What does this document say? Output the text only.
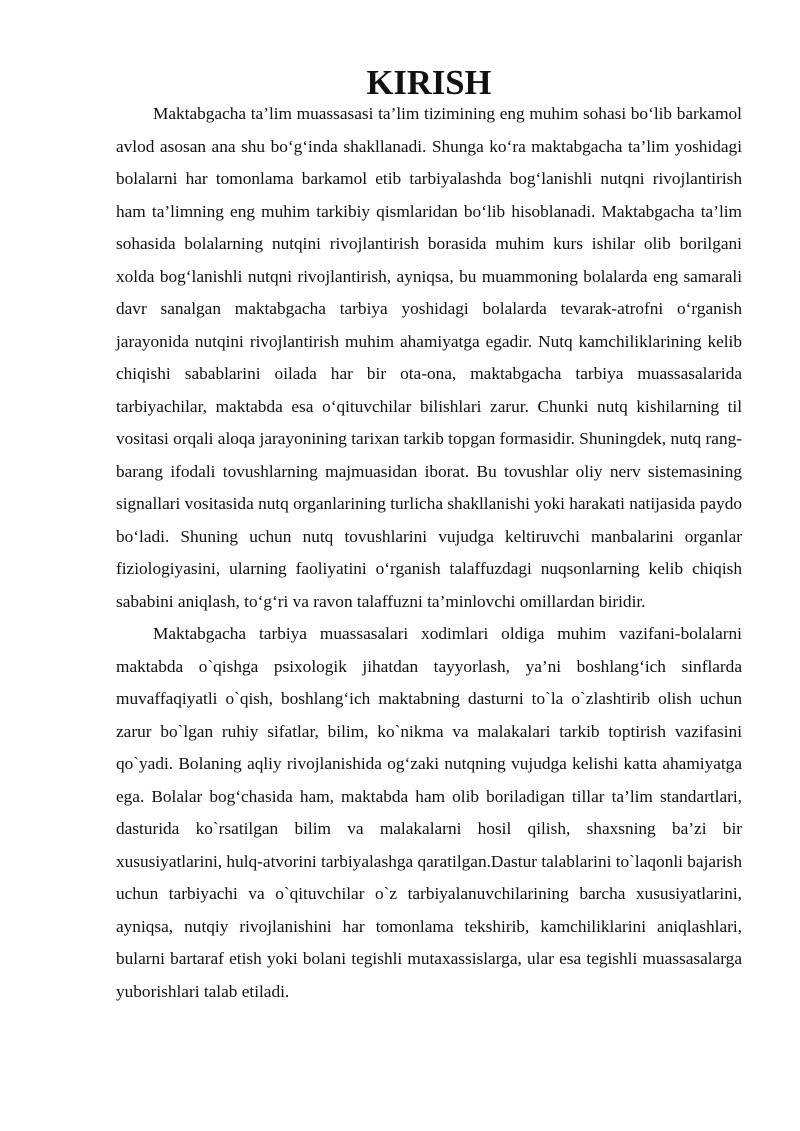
KIRISH

Maktabgacha ta’lim muassasasi ta’lim tizimining eng muhim sohasi bo‘lib barkamol avlod asosan ana shu bo‘g‘inda shakllanadi. Shunga ko‘ra maktabgacha ta’lim yoshidagi bolalarni har tomonlama barkamol etib tarbiyalashda bog‘lanishli nutqni rivojlantirish ham ta’limning eng muhim tarkibiy qismlaridan bo‘lib hisoblanadi. Maktabgacha ta’lim sohasida bolalarning nutqini rivojlantirish borasida muhim kurs ishilar olib borilgani xolda bog‘lanishli nutqni rivojlantirish, ayniqsa, bu muammoning bolalarda eng samarali davr sanalgan maktabgacha tarbiya yoshidagi bolalarda tevarak-atrofni o‘rganish jarayonida nutqini rivojlantirish muhim ahamiyatga egadir. Nutq kamchiliklarining kelib chiqishi sabablarini oilada har bir ota-ona, maktabgacha tarbiya muassasalarida tarbiyachilar, maktabda esa o‘qituvchilar bilishlari zarur. Chunki nutq kishilarning til vositasi orqali aloqa jarayonining tarixan tarkib topgan formasidir. Shuningdek, nutq rang-barang ifodali tovushlarning majmuasidan iborat. Bu tovushlar oliy nerv sistemasining signallari vositasida nutq organlarining turlicha shakllanishi yoki harakati natijasida paydo bo‘ladi. Shuning uchun nutq tovushlarini vujudga keltiruvchi manbalarini organlar fiziologiyasini, ularning faoliyatini o‘rganish talaffuzdagi nuqsonlarning kelib chiqish sababini aniqlash, to‘g‘ri va ravon talaffuzni ta’minlovchi omillardan biridir.

Maktabgacha tarbiya muassasalari xodimlari oldiga muhim vazifani-bolalarni maktabda o`qishga psixologik jihatdan tayyorlash, ya’ni boshlang‘ich sinflarda muvaffaqiyatli o`qish, boshlang‘ich maktabning dasturni to`la o`zlashtirib olish uchun zarur bo`lgan ruhiy sifatlar, bilim, ko`nikma va malakalari tarkib toptirish vazifasini qo`yadi. Bolaning aqliy rivojlanishida og‘zaki nutqning vujudga kelishi katta ahamiyatga ega. Bolalar bog‘chasida ham, maktabda ham olib boriladigan tillar ta’lim standartlari, dasturida ko`rsatilgan bilim va malakalarni hosil qilish, shaxsning ba’zi bir xususiyatlarini, hulq-atvorini tarbiyalashga qaratilgan.Dastur talablarini to`laqonli bajarish uchun tarbiyachi va o`qituvchilar o`z tarbiyalanuvchilarining barcha xususiyatlarini, ayniqsa, nutqiy rivojlanishini har tomonlama tekshirib, kamchiliklarini aniqlashlari, bularni bartaraf etish yoki bolani tegishli mutaxassislarga, ular esa tegishli muassasalarga yuborishlari talab etiladi.
